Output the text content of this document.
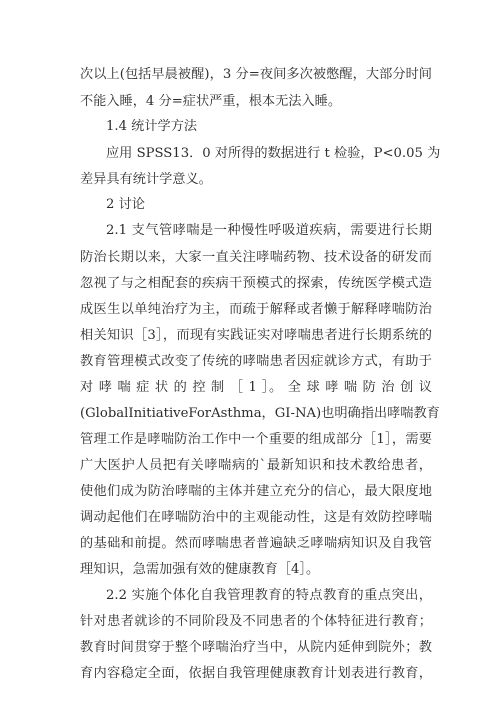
次以上(包括早晨被醒)，3 分=夜间多次被憋醒，大部分时间
不能入睡，4 分=症状严重，根本无法入睡。
1.4 统计学方法
应用 SPSS13．0 对所得的数据进行 t 检验，P<0.05 为
差异具有统计学意义。
2 讨论
2.1 支气管哮喘是一种慢性呼吸道疾病，需要进行长期
防治长期以来，大家一直关注哮喘药物、技术设备的研发而
忽视了与之相配套的疾病干预模式的探索，传统医学模式造
成医生以单纯治疗为主，而疏于解释或者懒于解释哮喘防治
相关知识［3］，而现有实践证实对哮喘患者进行长期系统的
教育管理模式改变了传统的哮喘患者因症就诊方式，有助于
对 哮 喘 症 状 的 控 制 ［ 1 ］。 全 球 哮 喘 防 治 创 议
(GlobalInitiativeForAsthma，GI-NA)也明确指出哮喘教育
管理工作是哮喘防治工作中一个重要的组成部分［1］，需要
广大医护人员把有关哮喘病的`最新知识和技术教给患者，
使他们成为防治哮喘的主体并建立充分的信心，最大限度地
调动起他们在哮喘防治中的主观能动性，这是有效防控哮喘
的基础和前提。然而哮喘患者普遍缺乏哮喘病知识及自我管
理知识，急需加强有效的健康教育［4］。
2.2 实施个体化自我管理教育的特点教育的重点突出，
针对患者就诊的不同阶段及不同患者的个体特征进行教育；
教育时间贯穿于整个哮喘治疗当中，从院内延伸到院外；教
育内容稳定全面，依据自我管理健康教育计划表进行教育，
